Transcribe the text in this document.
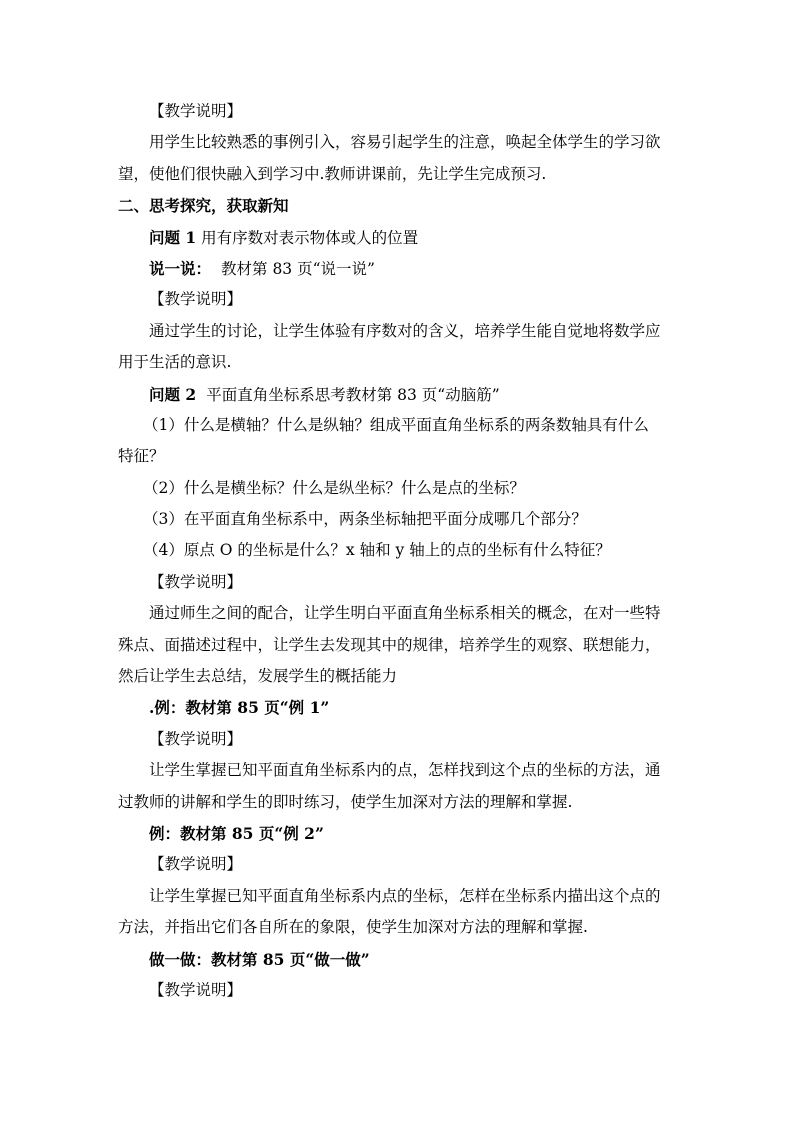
【教学说明】
用学生比较熟悉的事例引入，容易引起学生的注意，唤起全体学生的学习欲
望，使他们很快融入到学习中.教师讲课前，先让学生完成预习.
二、思考探究，获取新知
问题 1 用有序数对表示物体或人的位置
说一说： 教材第 83 页“说一说”
【教学说明】
通过学生的讨论，让学生体验有序数对的含义，培养学生能自觉地将数学应
用于生活的意识.
问题 2 平面直角坐标系思考教材第 83 页“动脑筋”
（1）什么是横轴？什么是纵轴？组成平面直角坐标系的两条数轴具有什么
特征？
（2）什么是横坐标？什么是纵坐标？什么是点的坐标？
（3）在平面直角坐标系中，两条坐标轴把平面分成哪几个部分？
（4）原点 O 的坐标是什么？x 轴和 y 轴上的点的坐标有什么特征？
【教学说明】
通过师生之间的配合，让学生明白平面直角坐标系相关的概念，在对一些特
殊点、面描述过程中，让学生去发现其中的规律，培养学生的观察、联想能力，
然后让学生去总结，发展学生的概括能力
.例：教材第 85 页“例 1”
【教学说明】
让学生掌握已知平面直角坐标系内的点，怎样找到这个点的坐标的方法，通
过教师的讲解和学生的即时练习，使学生加深对方法的理解和掌握.
例：教材第 85 页“例 2”
【教学说明】
让学生掌握已知平面直角坐标系内点的坐标，怎样在坐标系内描出这个点的
方法，并指出它们各自所在的象限，使学生加深对方法的理解和掌握.
做一做：教材第 85 页“做一做”
【教学说明】
